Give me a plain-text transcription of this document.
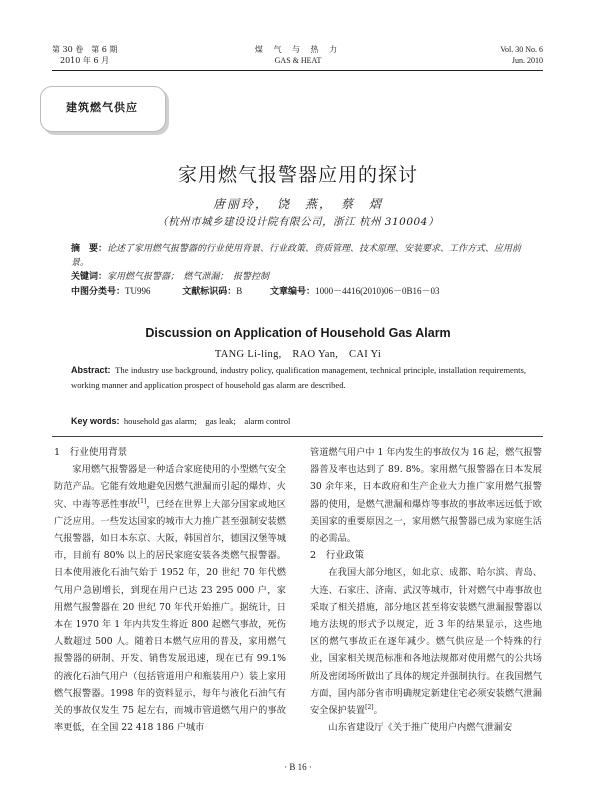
第 30 卷　第 6 期
2010 年 6 月
煤 气 与 热 力
GAS & HEAT
Vol. 30 No. 6
Jun. 2010
建筑燃气供应
家用燃气报警器应用的探讨
唐丽玲，　饶　燕，　蔡　熠
（杭州市城乡建设设计院有限公司，浙江 杭州 310004）

摘　要：论述了家用燃气报警器的行业使用背景、行业政策、资质管理、技术原理、安装要求、工作方式、应用前景。

关键词：家用燃气报警器；　燃气泄漏；　报警控制

中图分类号：TU996	文献标识码：B	文章编号：1000－4416(2010)06－0B16－03

Discussion on Application of Household Gas Alarm
TANG Li-ling,　RAO Yan,　CAI Yi
Abstract: The industry use background, industry policy, qualification management, technical principle, installation requirements, working manner and application prospect of household gas alarm are described.
Key words: household gas alarm;　gas leak;　alarm control

1　行业使用背景

家用燃气报警器是一种适合家庭使用的小型燃气安全防范产品。它能有效地避免因燃气泄漏而引起的爆炸、火灾、中毒等恶性事故[1]，已经在世界上大部分国家或地区广泛应用。一些发达国家的城市大力推广甚至强制安装燃气报警器，如日本东京、大阪，韩国首尔，德国汉堡等城市，目前有 80% 以上的居民家庭安装各类燃气报警器。日本使用液化石油气始于 1952 年，20 世纪 70 年代燃气用户急剧增长，到现在用户已达 23 295 000 户，家用燃气报警器在 20 世纪 70 年代开始推广。据统计，日本在 1970 年 1 年内共发生将近 800 起燃气事故，死伤人数超过 500 人。随着日本燃气应用的普及，家用燃气报警器的研制、开发、销售发展迅速，现在已有 99.1% 的液化石油气用户（包括管道用户和瓶装用户）装上家用燃气报警器。1998 年的资料显示，每年与液化石油气有关的事故仅发生 75 起左右，而城市管道燃气用户的事故率更低，在全国 22 418 186 户城市

管道燃气用户中 1 年内发生的事故仅为 16 起，燃气报警器普及率也达到了 89. 8%。家用燃气报警器在日本发展 30 余年来，日本政府和生产企业大力推广家用燃气报警器的使用，是燃气泄漏和爆炸等事故的事故率远远低于欧美国家的重要原因之一，家用燃气报警器已成为家庭生活的必需品。

2　行业政策

在我国大部分地区，如北京、成都、哈尔滨、青岛、大连、石家庄、济南、武汉等城市，针对燃气中毒事故也采取了相关措施，部分地区甚至将安装燃气泄漏报警器以地方法规的形式予以规定，近 3 年的结果显示，这些地区的燃气事故正在逐年减少。燃气供应是一个特殊的行业，国家相关规范标准和各地法规都对使用燃气的公共场所及密闭场所做出了具体的规定并强制执行。在我国燃气方面，国内部分省市明确规定新建住宅必须安装燃气泄漏安全保护装置[2]。

山东省建设厅《关于推广使用户内燃气泄漏安

· B 16 ·
